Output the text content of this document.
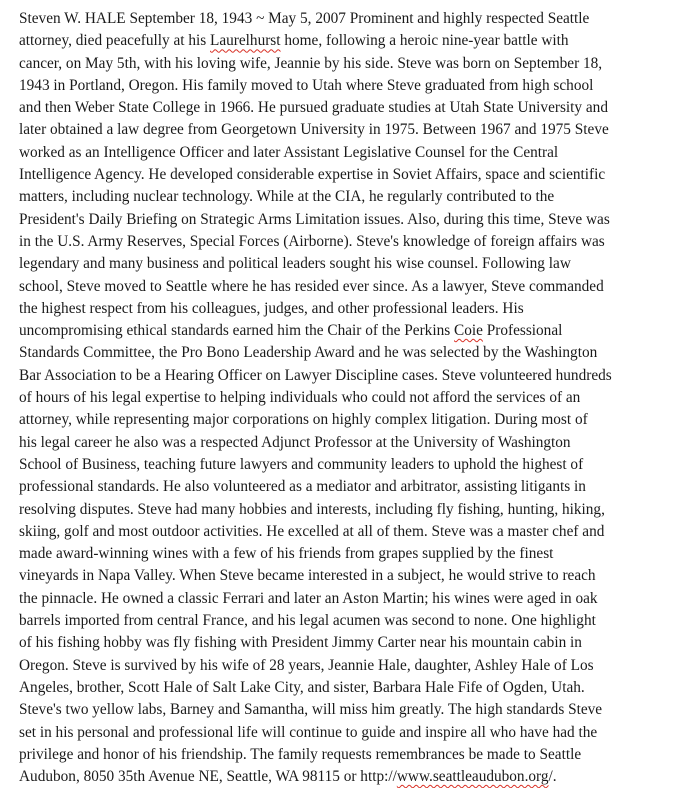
Steven W. HALE September 18, 1943 ~ May 5, 2007 Prominent and highly respected Seattle
attorney, died peacefully at his Laurelhurst home, following a heroic nine-year battle with
cancer, on May 5th, with his loving wife, Jeannie by his side. Steve was born on September 18,
1943 in Portland, Oregon. His family moved to Utah where Steve graduated from high school
and then Weber State College in 1966. He pursued graduate studies at Utah State University and
later obtained a law degree from Georgetown University in 1975. Between 1967 and 1975 Steve
worked as an Intelligence Officer and later Assistant Legislative Counsel for the Central
Intelligence Agency. He developed considerable expertise in Soviet Affairs, space and scientific
matters, including nuclear technology. While at the CIA, he regularly contributed to the
President's Daily Briefing on Strategic Arms Limitation issues. Also, during this time, Steve was
in the U.S. Army Reserves, Special Forces (Airborne). Steve's knowledge of foreign affairs was
legendary and many business and political leaders sought his wise counsel. Following law
school, Steve moved to Seattle where he has resided ever since. As a lawyer, Steve commanded
the highest respect from his colleagues, judges, and other professional leaders. His
uncompromising ethical standards earned him the Chair of the Perkins Coie Professional
Standards Committee, the Pro Bono Leadership Award and he was selected by the Washington
Bar Association to be a Hearing Officer on Lawyer Discipline cases. Steve volunteered hundreds
of hours of his legal expertise to helping individuals who could not afford the services of an
attorney, while representing major corporations on highly complex litigation. During most of
his legal career he also was a respected Adjunct Professor at the University of Washington
School of Business, teaching future lawyers and community leaders to uphold the highest of
professional standards. He also volunteered as a mediator and arbitrator, assisting litigants in
resolving disputes. Steve had many hobbies and interests, including fly fishing, hunting, hiking,
skiing, golf and most outdoor activities. He excelled at all of them. Steve was a master chef and
made award-winning wines with a few of his friends from grapes supplied by the finest
vineyards in Napa Valley. When Steve became interested in a subject, he would strive to reach
the pinnacle. He owned a classic Ferrari and later an Aston Martin; his wines were aged in oak
barrels imported from central France, and his legal acumen was second to none. One highlight
of his fishing hobby was fly fishing with President Jimmy Carter near his mountain cabin in
Oregon. Steve is survived by his wife of 28 years, Jeannie Hale, daughter, Ashley Hale of Los
Angeles, brother, Scott Hale of Salt Lake City, and sister, Barbara Hale Fife of Ogden, Utah.
Steve's two yellow labs, Barney and Samantha, will miss him greatly. The high standards Steve
set in his personal and professional life will continue to guide and inspire all who have had the
privilege and honor of his friendship. The family requests remembrances be made to Seattle
Audubon, 8050 35th Avenue NE, Seattle, WA 98115 or http://www.seattleaudubon.org/.
